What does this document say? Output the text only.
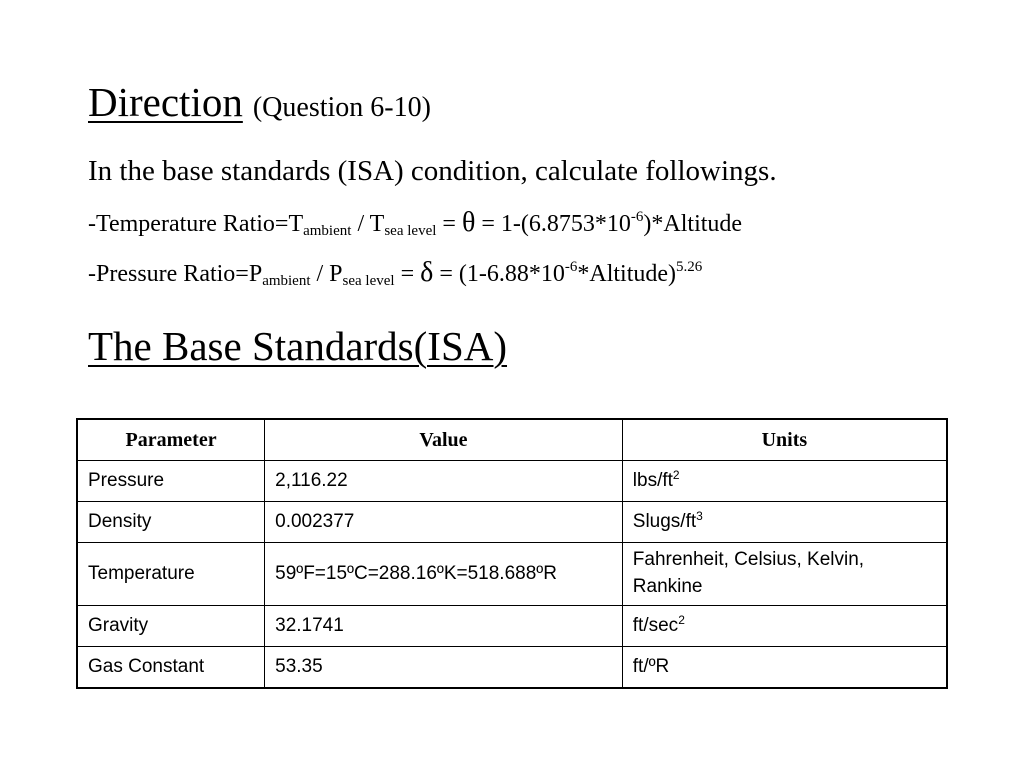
Direction (Question 6-10)

In the base standards (ISA) condition, calculate followings.

-Temperature $Ratio=T_{ambient} / T_{sea level} = \theta$ = $1-(6.8753*10^{-6})*Altitude$

-Pressure $Ratio=P_{ambient} / P_{sea level} = \delta$ = $(1-6.88*10^{-6}*Altitude)^{5.26}$

The Base Standards(ISA)
Parameter	Value	Units
Pressure	2,116.22	lbs/$ft^2$
Density	0.002377	Slugs/$ft^3$
Temperature	59ºF=15ºC=288.16ºK=518.688ºR	Fahrenheit, Celsius, Kelvin, Rankine
Gravity	32.1741	$ft/\sec^2$
Gas Constant	53.35	ft/ºR
